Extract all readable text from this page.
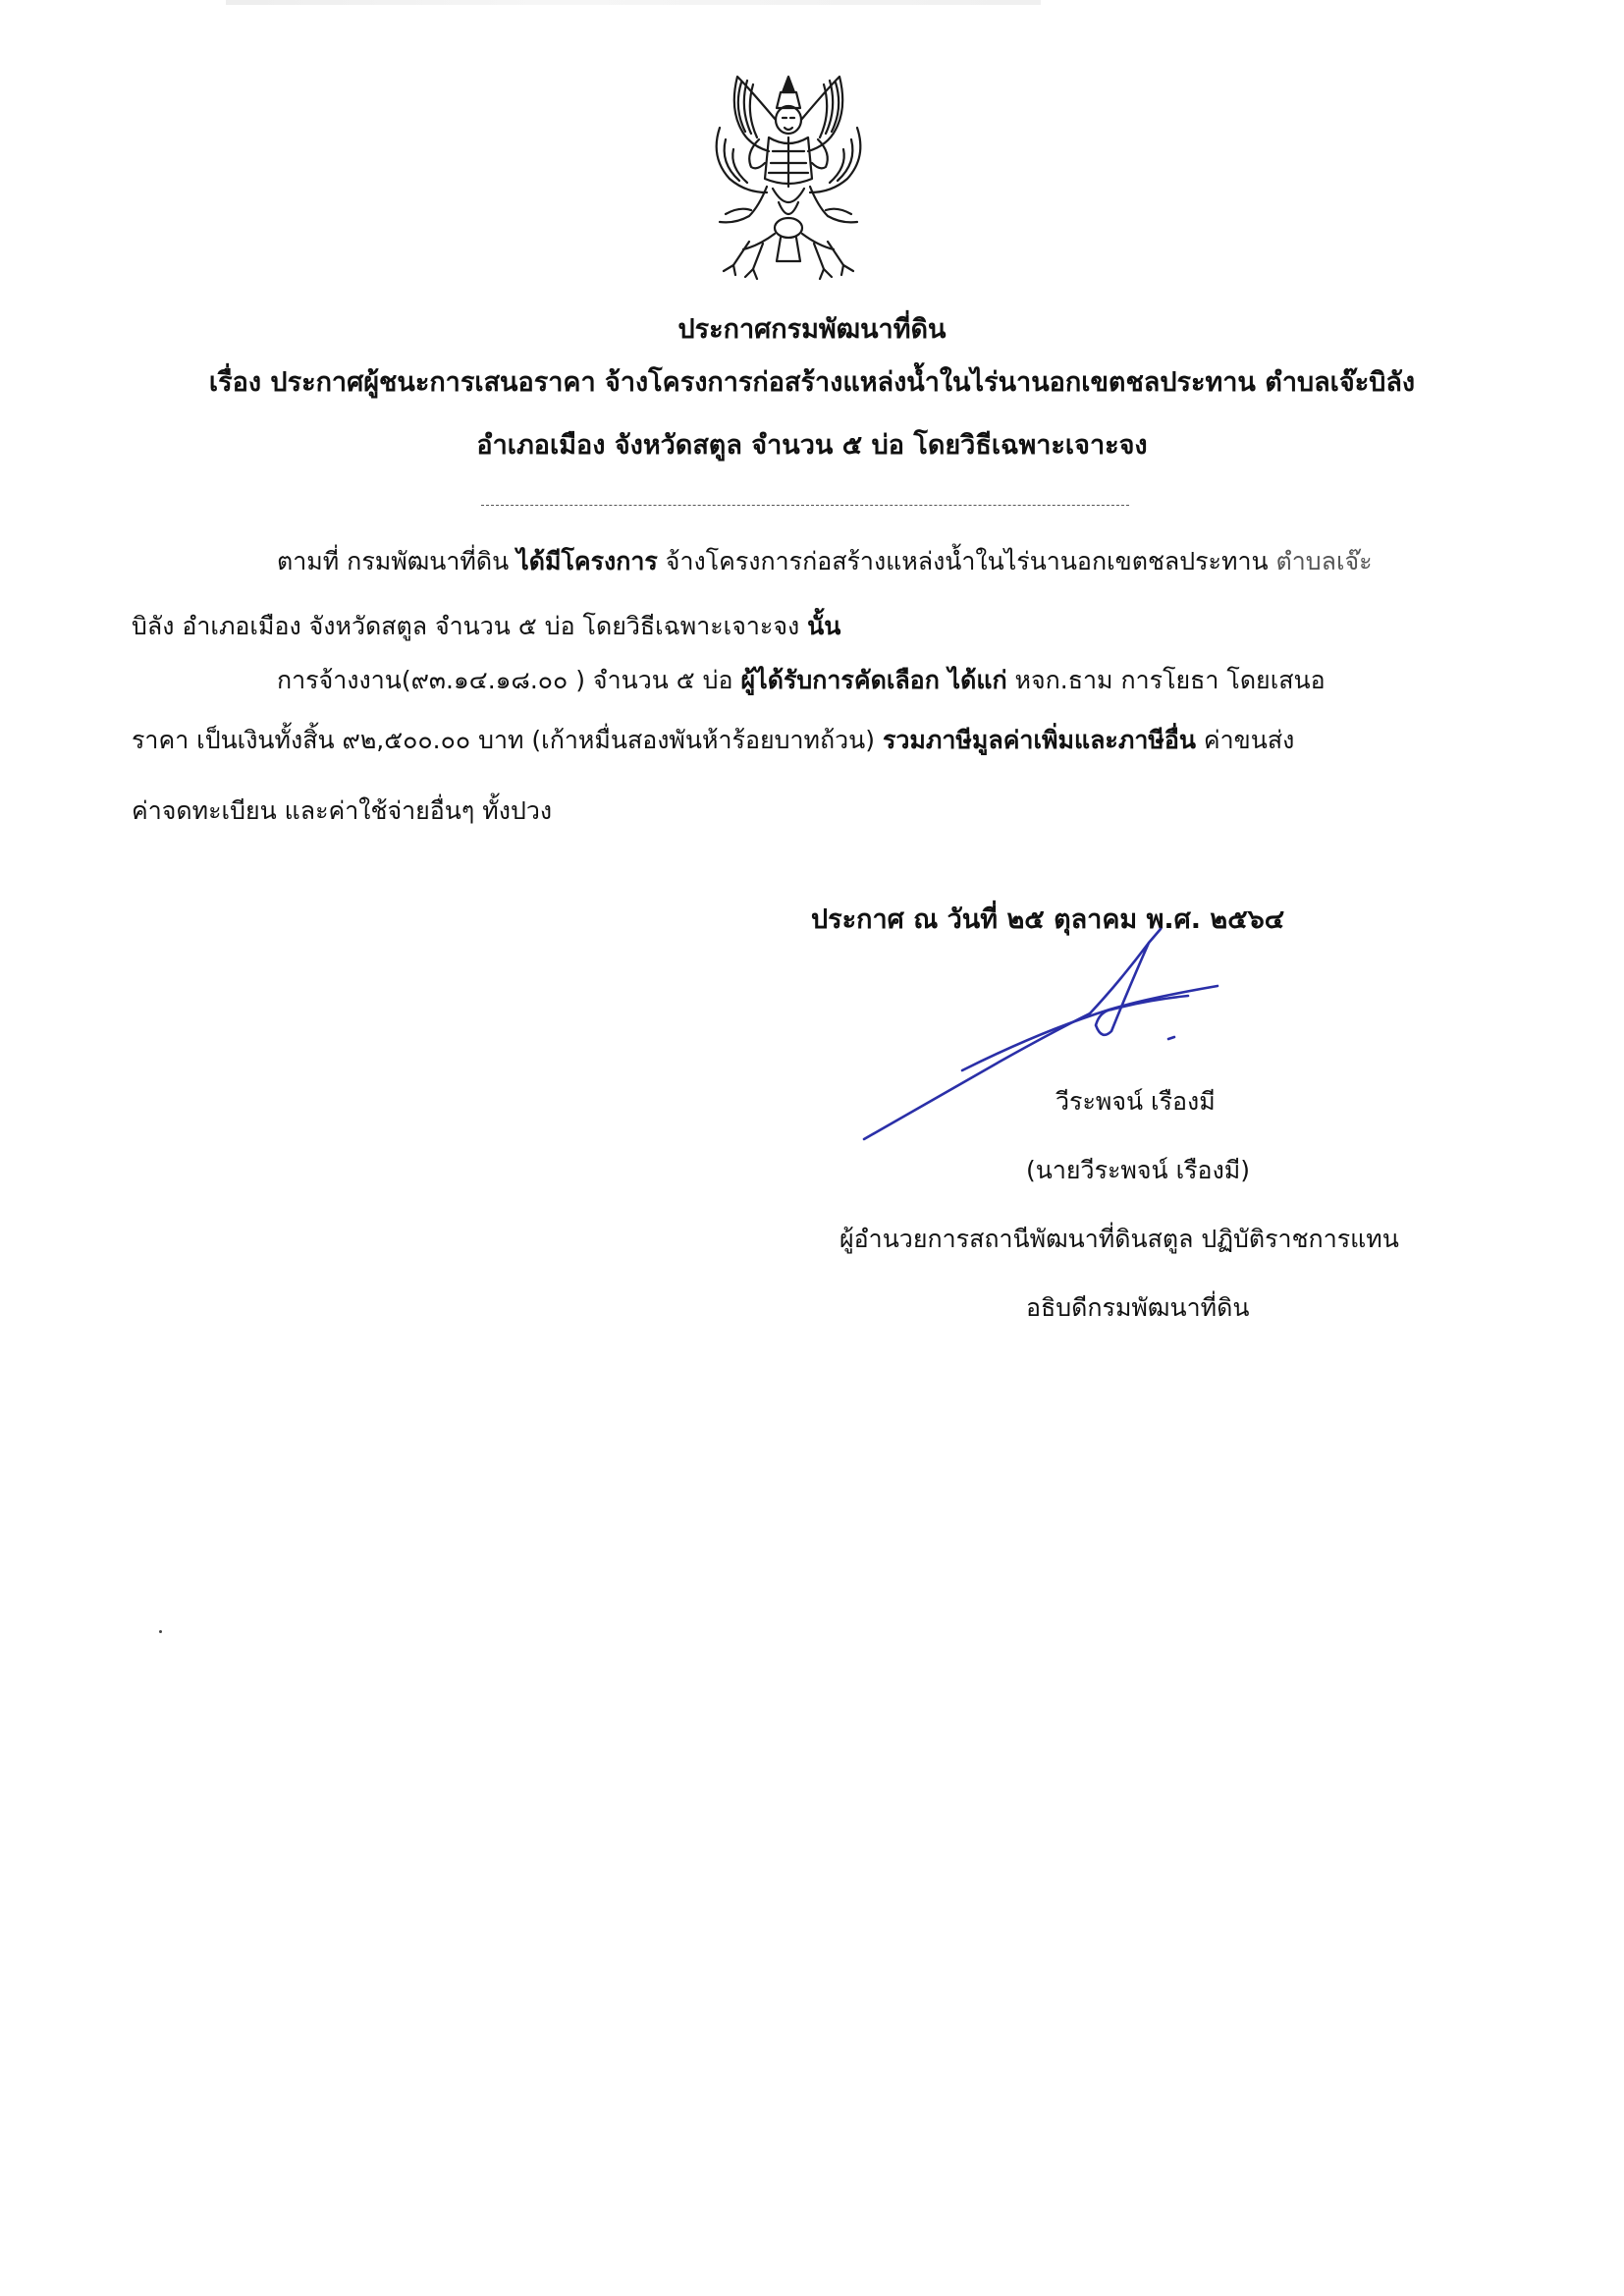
ประกาศกรมพัฒนาที่ดิน
เรื่อง ประกาศผู้ชนะการเสนอราคา จ้างโครงการก่อสร้างแหล่งน้ำในไร่นานอกเขตชลประทาน ตำบลเจ๊ะบิลัง
อำเภอเมือง จังหวัดสตูล จำนวน ๕ บ่อ โดยวิธีเฉพาะเจาะจง
ตามที่ กรมพัฒนาที่ดิน ได้มีโครงการ จ้างโครงการก่อสร้างแหล่งน้ำในไร่นานอกเขตชลประทาน ตำบลเจ๊ะ
บิลัง อำเภอเมือง จังหวัดสตูล จำนวน ๕ บ่อ โดยวิธีเฉพาะเจาะจง นั้น
การจ้างงาน(๙๓.๑๔.๑๘.๐๐ ) จำนวน ๕ บ่อ ผู้ได้รับการคัดเลือก ได้แก่ หจก.ธาม การโยธา โดยเสนอ
ราคา เป็นเงินทั้งสิ้น ๙๒,๕๐๐.๐๐ บาท (เก้าหมื่นสองพันห้าร้อยบาทถ้วน) รวมภาษีมูลค่าเพิ่มและภาษีอื่น ค่าขนส่ง
ค่าจดทะเบียน และค่าใช้จ่ายอื่นๆ ทั้งปวง
ประกาศ ณ วันที่ ๒๕ ตุลาคม พ.ศ. ๒๕๖๔
วีระพจน์ เรืองมี
(นายวีระพจน์ เรืองมี)
ผู้อำนวยการสถานีพัฒนาที่ดินสตูล ปฏิบัติราชการแทน
อธิบดีกรมพัฒนาที่ดิน
